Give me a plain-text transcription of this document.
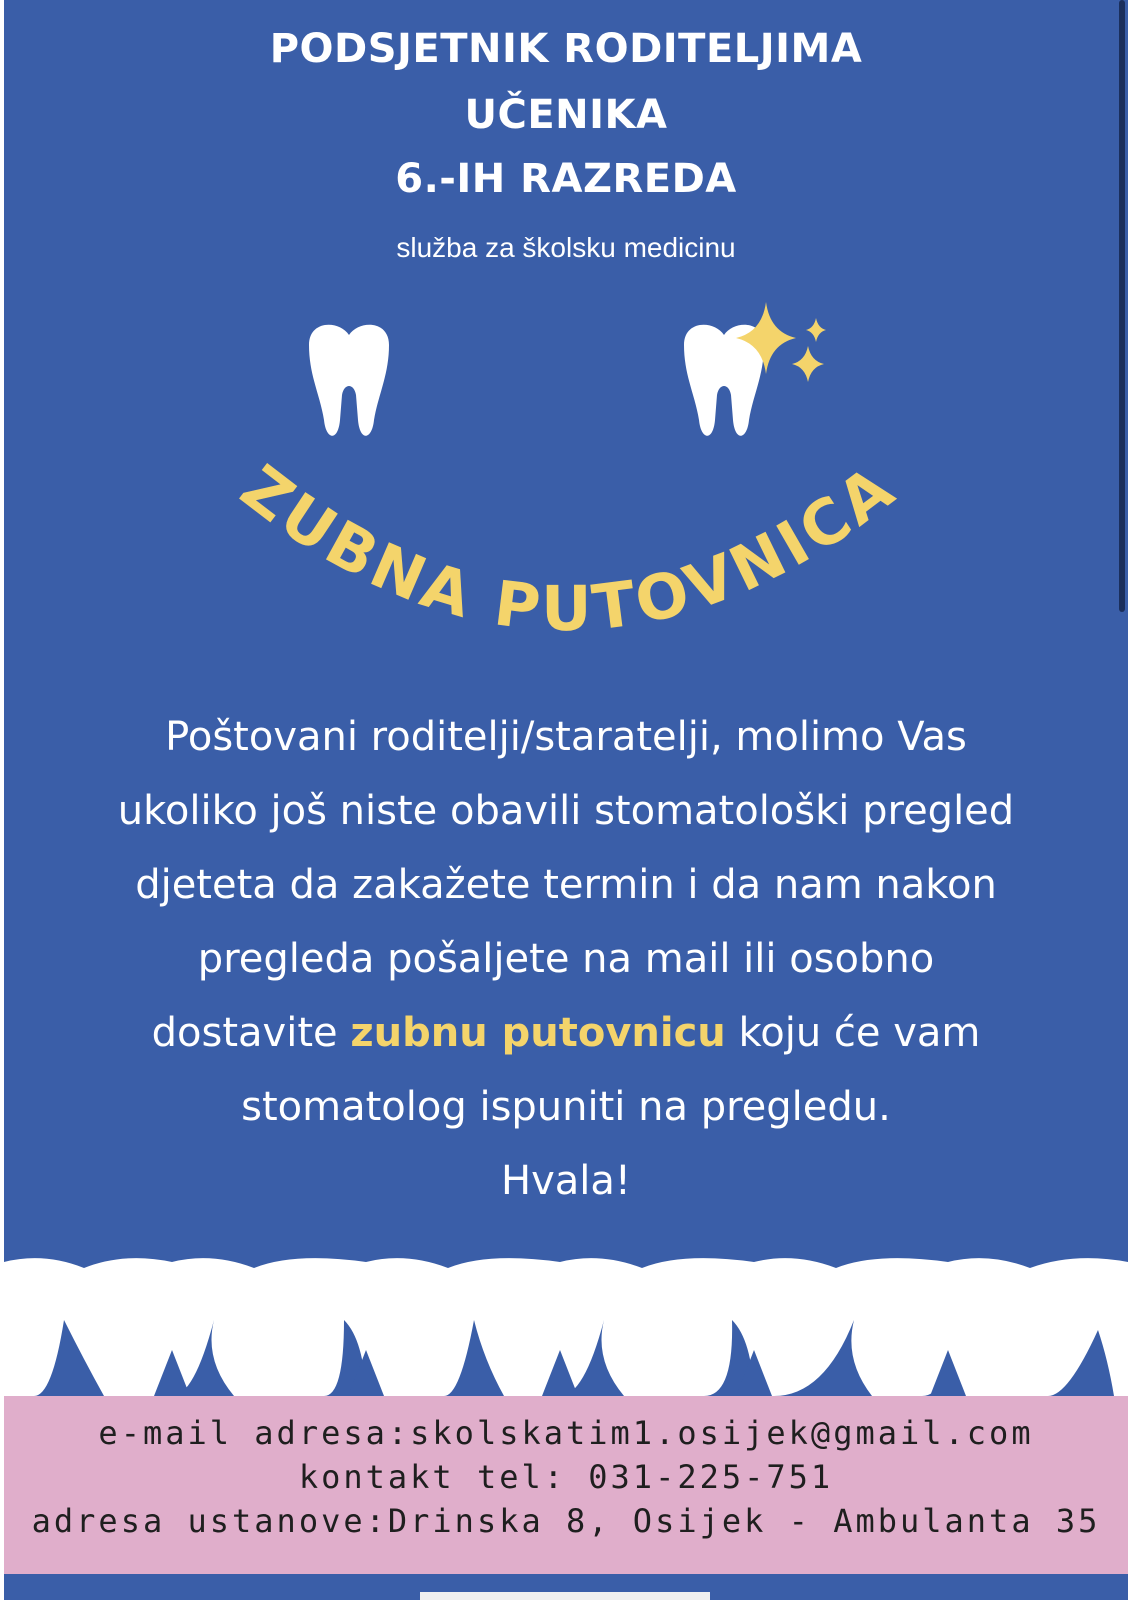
PODSJETNIK RODITELJIMA
UČENIKA
6.-IH RAZREDA
služba za školsku medicinu
ZUBNA PUTOVNICA
Poštovani roditelji/staratelji, molimo Vas
ukoliko još niste obavili stomatološki pregled
djeteta da zakažete termin i da nam nakon
pregleda pošaljete na mail ili osobno
dostavite zubnu putovnicu koju će vam
stomatolog ispuniti na pregledu.
Hvala!
e-mail adresa:skolskatim1.osijek@gmail.com
kontakt tel: 031-225-751
adresa ustanove:Drinska 8, Osijek - Ambulanta 35
